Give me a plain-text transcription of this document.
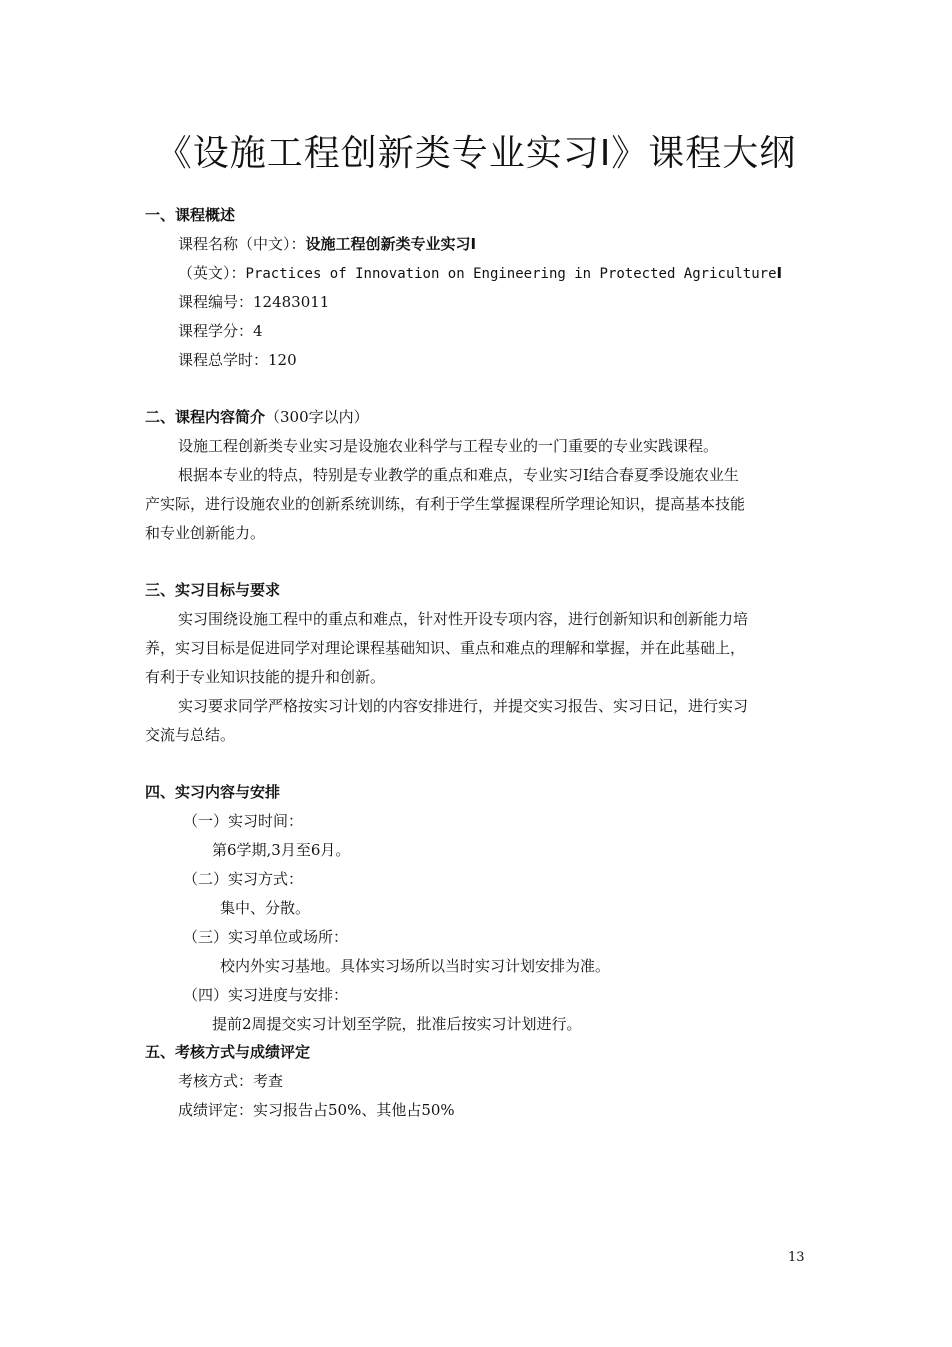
《设施工程创新类专业实习Ⅰ》课程大纲
一、课程概述
课程名称（中文）：设施工程创新类专业实习Ⅰ
（英文）：Practices of Innovation on Engineering in Protected AgricultureⅠ
课程编号：12483011
课程学分：4
课程总学时：120
二、课程内容简介（300字以内）
设施工程创新类专业实习是设施农业科学与工程专业的一门重要的专业实践课程。
根据本专业的特点，特别是专业教学的重点和难点，专业实习Ⅰ结合春夏季设施农业生
产实际，进行设施农业的创新系统训练，有利于学生掌握课程所学理论知识，提高基本技能
和专业创新能力。
三、实习目标与要求
实习围绕设施工程中的重点和难点，针对性开设专项内容，进行创新知识和创新能力培
养，实习目标是促进同学对理论课程基础知识、重点和难点的理解和掌握，并在此基础上，
有利于专业知识技能的提升和创新。
实习要求同学严格按实习计划的内容安排进行，并提交实习报告、实习日记，进行实习
交流与总结。
四、实习内容与安排
（一）实习时间：
第6学期,3月至6月。
（二）实习方式：
集中、分散。
（三）实习单位或场所：
校内外实习基地。具体实习场所以当时实习计划安排为准。
（四）实习进度与安排：
提前2周提交实习计划至学院，批准后按实习计划进行。
五、考核方式与成绩评定
考核方式：考查
成绩评定：实习报告占50%、其他占50%
13
